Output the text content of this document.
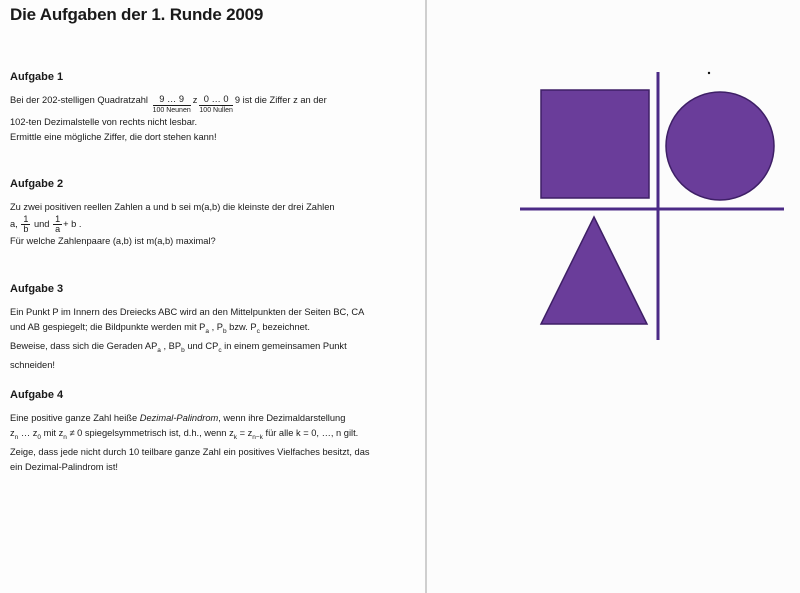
Die Aufgaben der 1. Runde 2009
Aufgabe 1

Bei der 202-stelligen Quadratzahl	9 … 9
100 Neunen
z 0 … 0
100 Nullen
9 ist die Ziffer z an der

102-ten Dezimalstelle von rechts nicht lesbar.

Ermittle eine mögliche Ziffer, die dort stehen kann!

Aufgabe 2

Zu zwei positiven reellen Zahlen a und b sei m(a,b) die kleinste der drei Zahlen

a, $\frac{1}{b}$ und $\frac{1}{a} + b$ .

Für welche Zahlenpaare (a,b) ist m(a,b) maximal?

Aufgabe 3

Ein Punkt P im Innern des Dreiecks ABC wird an den Mittelpunkten der Seiten BC, CA

und AB gespiegelt; die Bildpunkte werden mit $P_a$ , $P_b$ bzw. $P_c$ bezeichnet.

Beweise, dass sich die Geraden $AP_a$ , $BP_b$ und $CP_c$ in einem gemeinsamen Punkt

schneiden!

Aufgabe 4

Eine positive ganze Zahl heiße Dezimal-Palindrom, wenn ihre Dezimaldarstellung

$z_n$ … $z_0$ mit $z_n \ne 0$ spiegelsymmetrisch ist, d.h., wenn $z_k = z_{n-k}$ für alle k = 0, …, n gilt.

Zeige, dass jede nicht durch 10 teilbare ganze Zahl ein positives Vielfaches besitzt, das

ein Dezimal-Palindrom ist!
